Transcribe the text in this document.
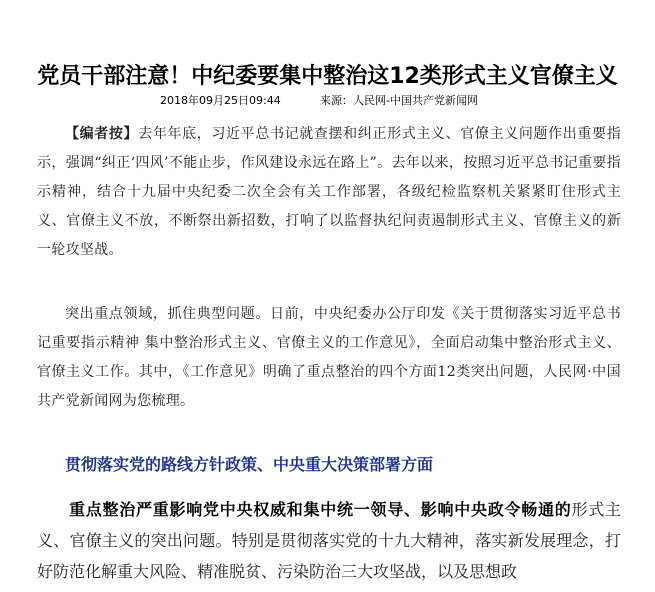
党员干部注意！中纪委要集中整治这12类形式主义官僚主义
2018年09月25日09:44	来源：人民网-中国共产党新闻网

【编者按】去年年底，习近平总书记就查摆和纠正形式主义、官僚主义问题作出重要指示，强调“纠正‘四风’不能止步，作风建设永远在路上”。去年以来，按照习近平总书记重要指示精神，结合十九届中央纪委二次全会有关工作部署，各级纪检监察机关紧紧盯住形式主义、官僚主义不放，不断祭出新招数，打响了以监督执纪问责遏制形式主义、官僚主义的新一轮攻坚战。

突出重点领域，抓住典型问题。日前，中央纪委办公厅印发《关于贯彻落实习近平总书记重要指示精神 集中整治形式主义、官僚主义的工作意见》，全面启动集中整治形式主义、官僚主义工作。其中，《工作意见》明确了重点整治的四个方面12类突出问题，人民网·中国共产党新闻网为您梳理。

贯彻落实党的路线方针政策、中央重大决策部署方面

重点整治严重影响党中央权威和集中统一领导、影响中央政令畅通的形式主义、官僚主义的突出问题。特别是贯彻落实党的十九大精神，落实新发展理念，打好防范化解重大风险、精准脱贫、污染防治三大攻坚战，以及思想政
